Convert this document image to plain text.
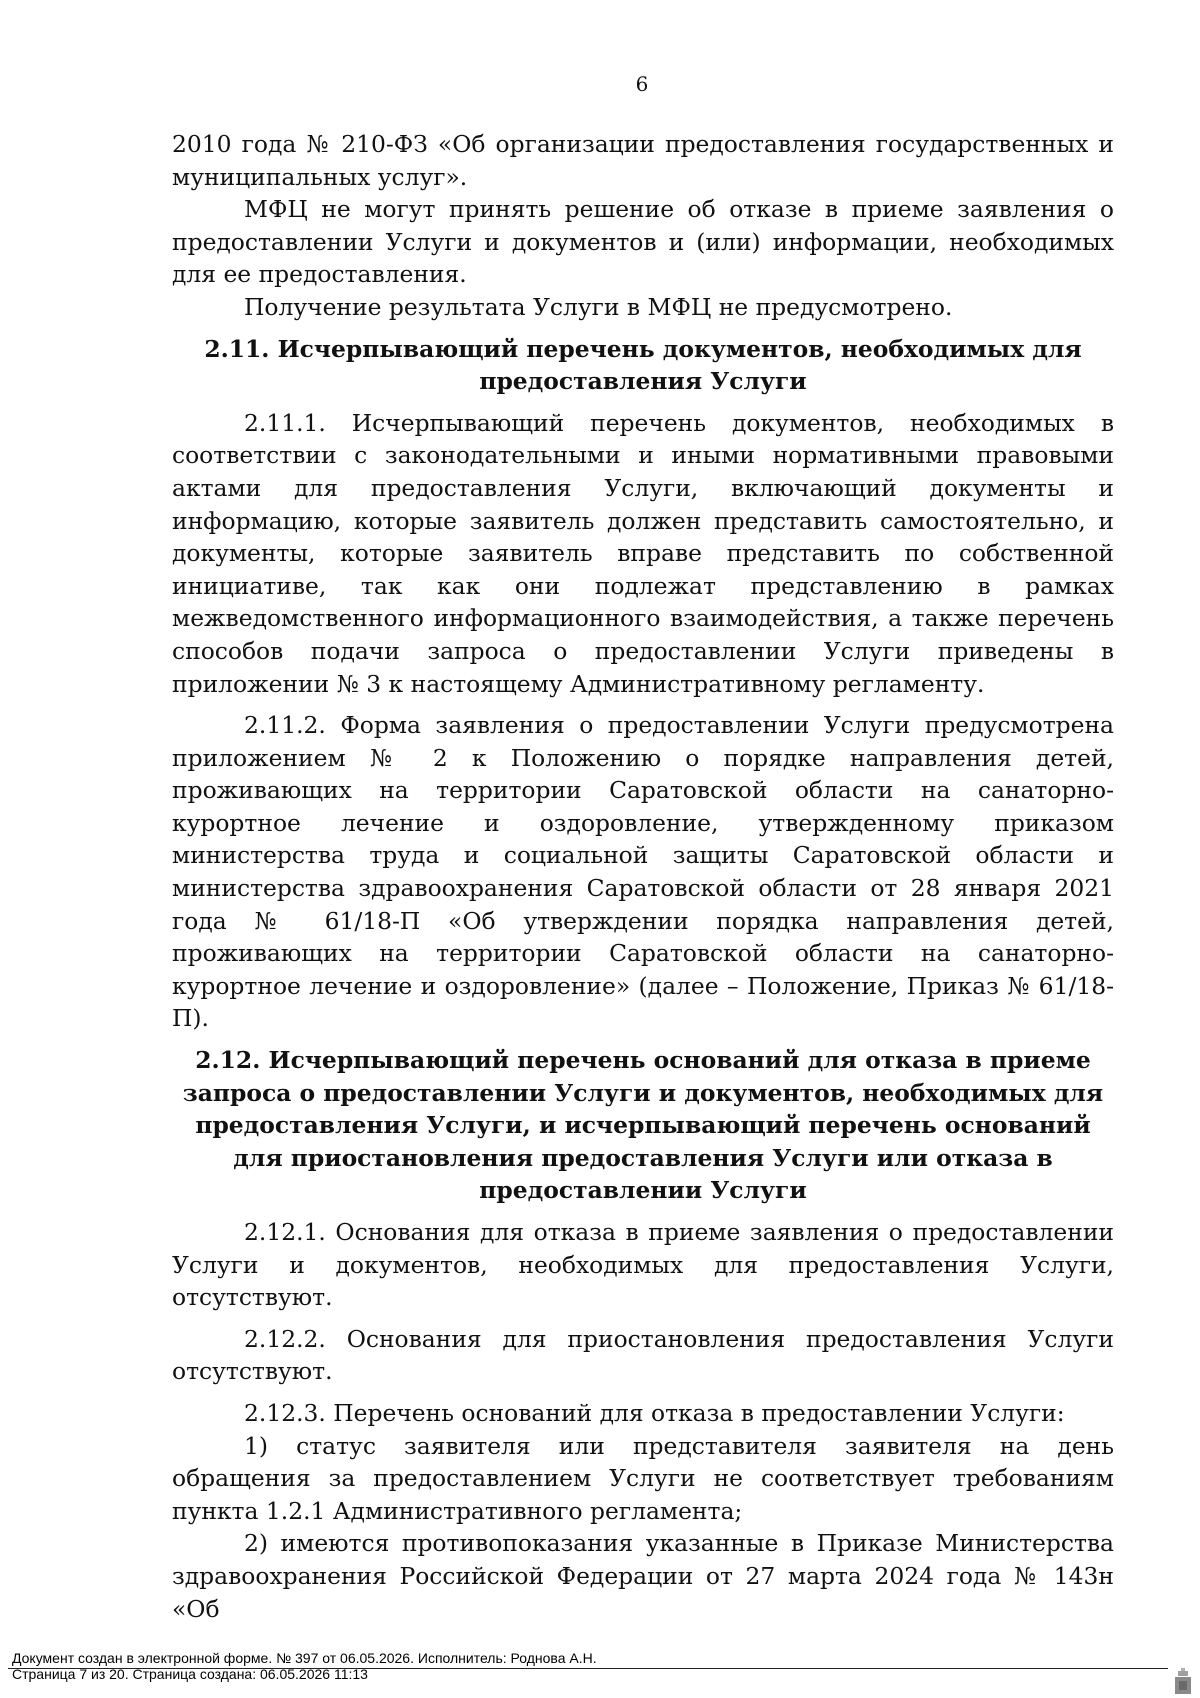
6

2010 года № 210-ФЗ «Об организации предоставления государственных и муниципальных услуг».

МФЦ не могут принять решение об отказе в приеме заявления о предоставлении Услуги и документов и (или) информации, необходимых для ее предоставления.

Получение результата Услуги в МФЦ не предусмотрено.

2.11. Исчерпывающий перечень документов, необходимых для предоставления Услуги

2.11.1. Исчерпывающий перечень документов, необходимых в соответствии с законодательными и иными нормативными правовыми актами для предоставления Услуги, включающий документы и информацию, которые заявитель должен представить самостоятельно, и документы, которые заявитель вправе представить по собственной инициативе, так как они подлежат представлению в рамках межведомственного информационного взаимодействия, а также перечень способов подачи запроса о предоставлении Услуги приведены в приложении № 3 к настоящему Административному регламенту.

2.11.2. Форма заявления о предоставлении Услуги предусмотрена приложением № 2 к Положению о порядке направления детей, проживающих на территории Саратовской области на санаторно-курортное лечение и оздоровление, утвержденному приказом министерства труда и социальной защиты Саратовской области и министерства здравоохранения Саратовской области от 28 января 2021 года № 61/18-П «Об утверждении порядка направления детей, проживающих на территории Саратовской области на санаторно-курортное лечение и оздоровление» (далее – Положение, Приказ № 61/18-П).

2.12. Исчерпывающий перечень оснований для отказа в приеме запроса о предоставлении Услуги и документов, необходимых для предоставления Услуги, и исчерпывающий перечень оснований для приостановления предоставления Услуги или отказа в предоставлении Услуги

2.12.1. Основания для отказа в приеме заявления о предоставлении Услуги и документов, необходимых для предоставления Услуги, отсутствуют.

2.12.2. Основания для приостановления предоставления Услуги отсутствуют.

2.12.3. Перечень оснований для отказа в предоставлении Услуги:

1) статус заявителя или представителя заявителя на день обращения за предоставлением Услуги не соответствует требованиям пункта 1.2.1 Административного регламента;

2) имеются противопоказания указанные в Приказе Министерства здравоохранения Российской Федерации от 27 марта 2024 года № 143н «Об

Документ создан в электронной форме. № 397 от 06.05.2026. Исполнитель: Роднова А.Н.
Страница 7 из 20. Страница создана: 06.05.2026 11:13
